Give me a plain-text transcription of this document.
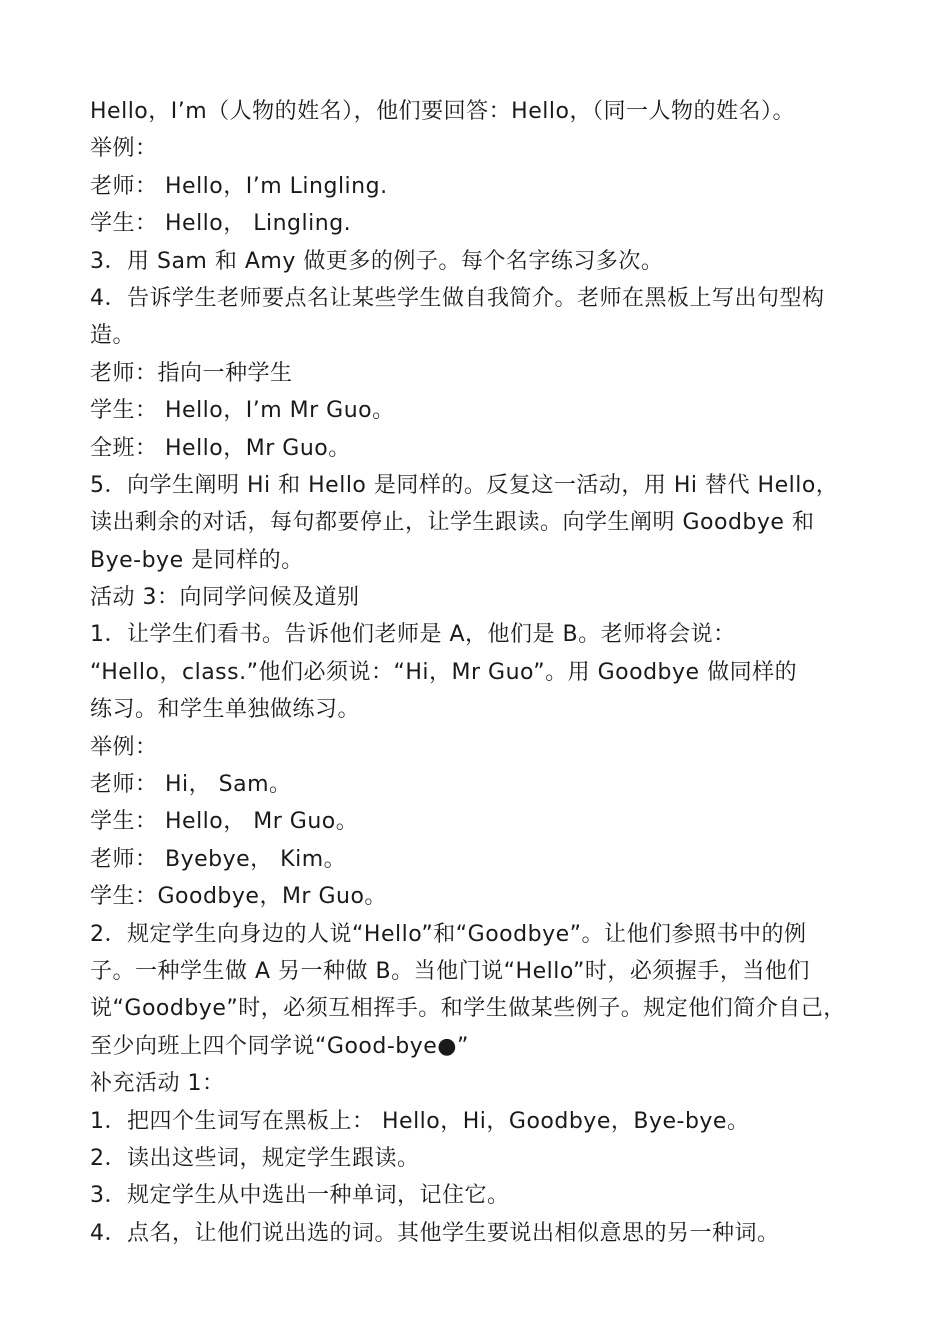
Hello，I’m（人物的姓名），他们要回答：Hello，（同一人物的姓名）。
举例：
老师： Hello，I’m Lingling.
学生： Hello， Lingling.
3．用 Sam 和 Amy 做更多的例子。每个名字练习多次。
4．告诉学生老师要点名让某些学生做自我简介。老师在黑板上写出句型构
造。
老师：指向一种学生
学生： Hello，I’m Mr Guo。
全班： Hello，Mr Guo。
5．向学生阐明 Hi 和 Hello 是同样的。反复这一活动，用 Hi 替代 Hello，
读出剩余的对话，每句都要停止，让学生跟读。向学生阐明 Goodbye 和
Bye-bye 是同样的。
活动 3：向同学问候及道别
1．让学生们看书。告诉他们老师是 A，他们是 B。老师将会说：
“Hello，class.”他们必须说：“Hi，Mr Guo”。用 Goodbye 做同样的
练习。和学生单独做练习。
举例：
老师： Hi， Sam。
学生： Hello， Mr Guo。
老师： Byebye， Kim。
学生：Goodbye，Mr Guo。
2．规定学生向身边的人说“Hello”和“Goodbye”。让他们参照书中的例
子。一种学生做 A 另一种做 B。当他门说“Hello”时，必须握手，当他们
说“Goodbye”时，必须互相挥手。和学生做某些例子。规定他们简介自己，
至少向班上四个同学说“Good-bye●”
补充活动 1：
1．把四个生词写在黑板上： Hello，Hi，Goodbye，Bye-bye。
2．读出这些词，规定学生跟读。
3．规定学生从中选出一种单词，记住它。
4．点名，让他们说出选的词。其他学生要说出相似意思的另一种词。
